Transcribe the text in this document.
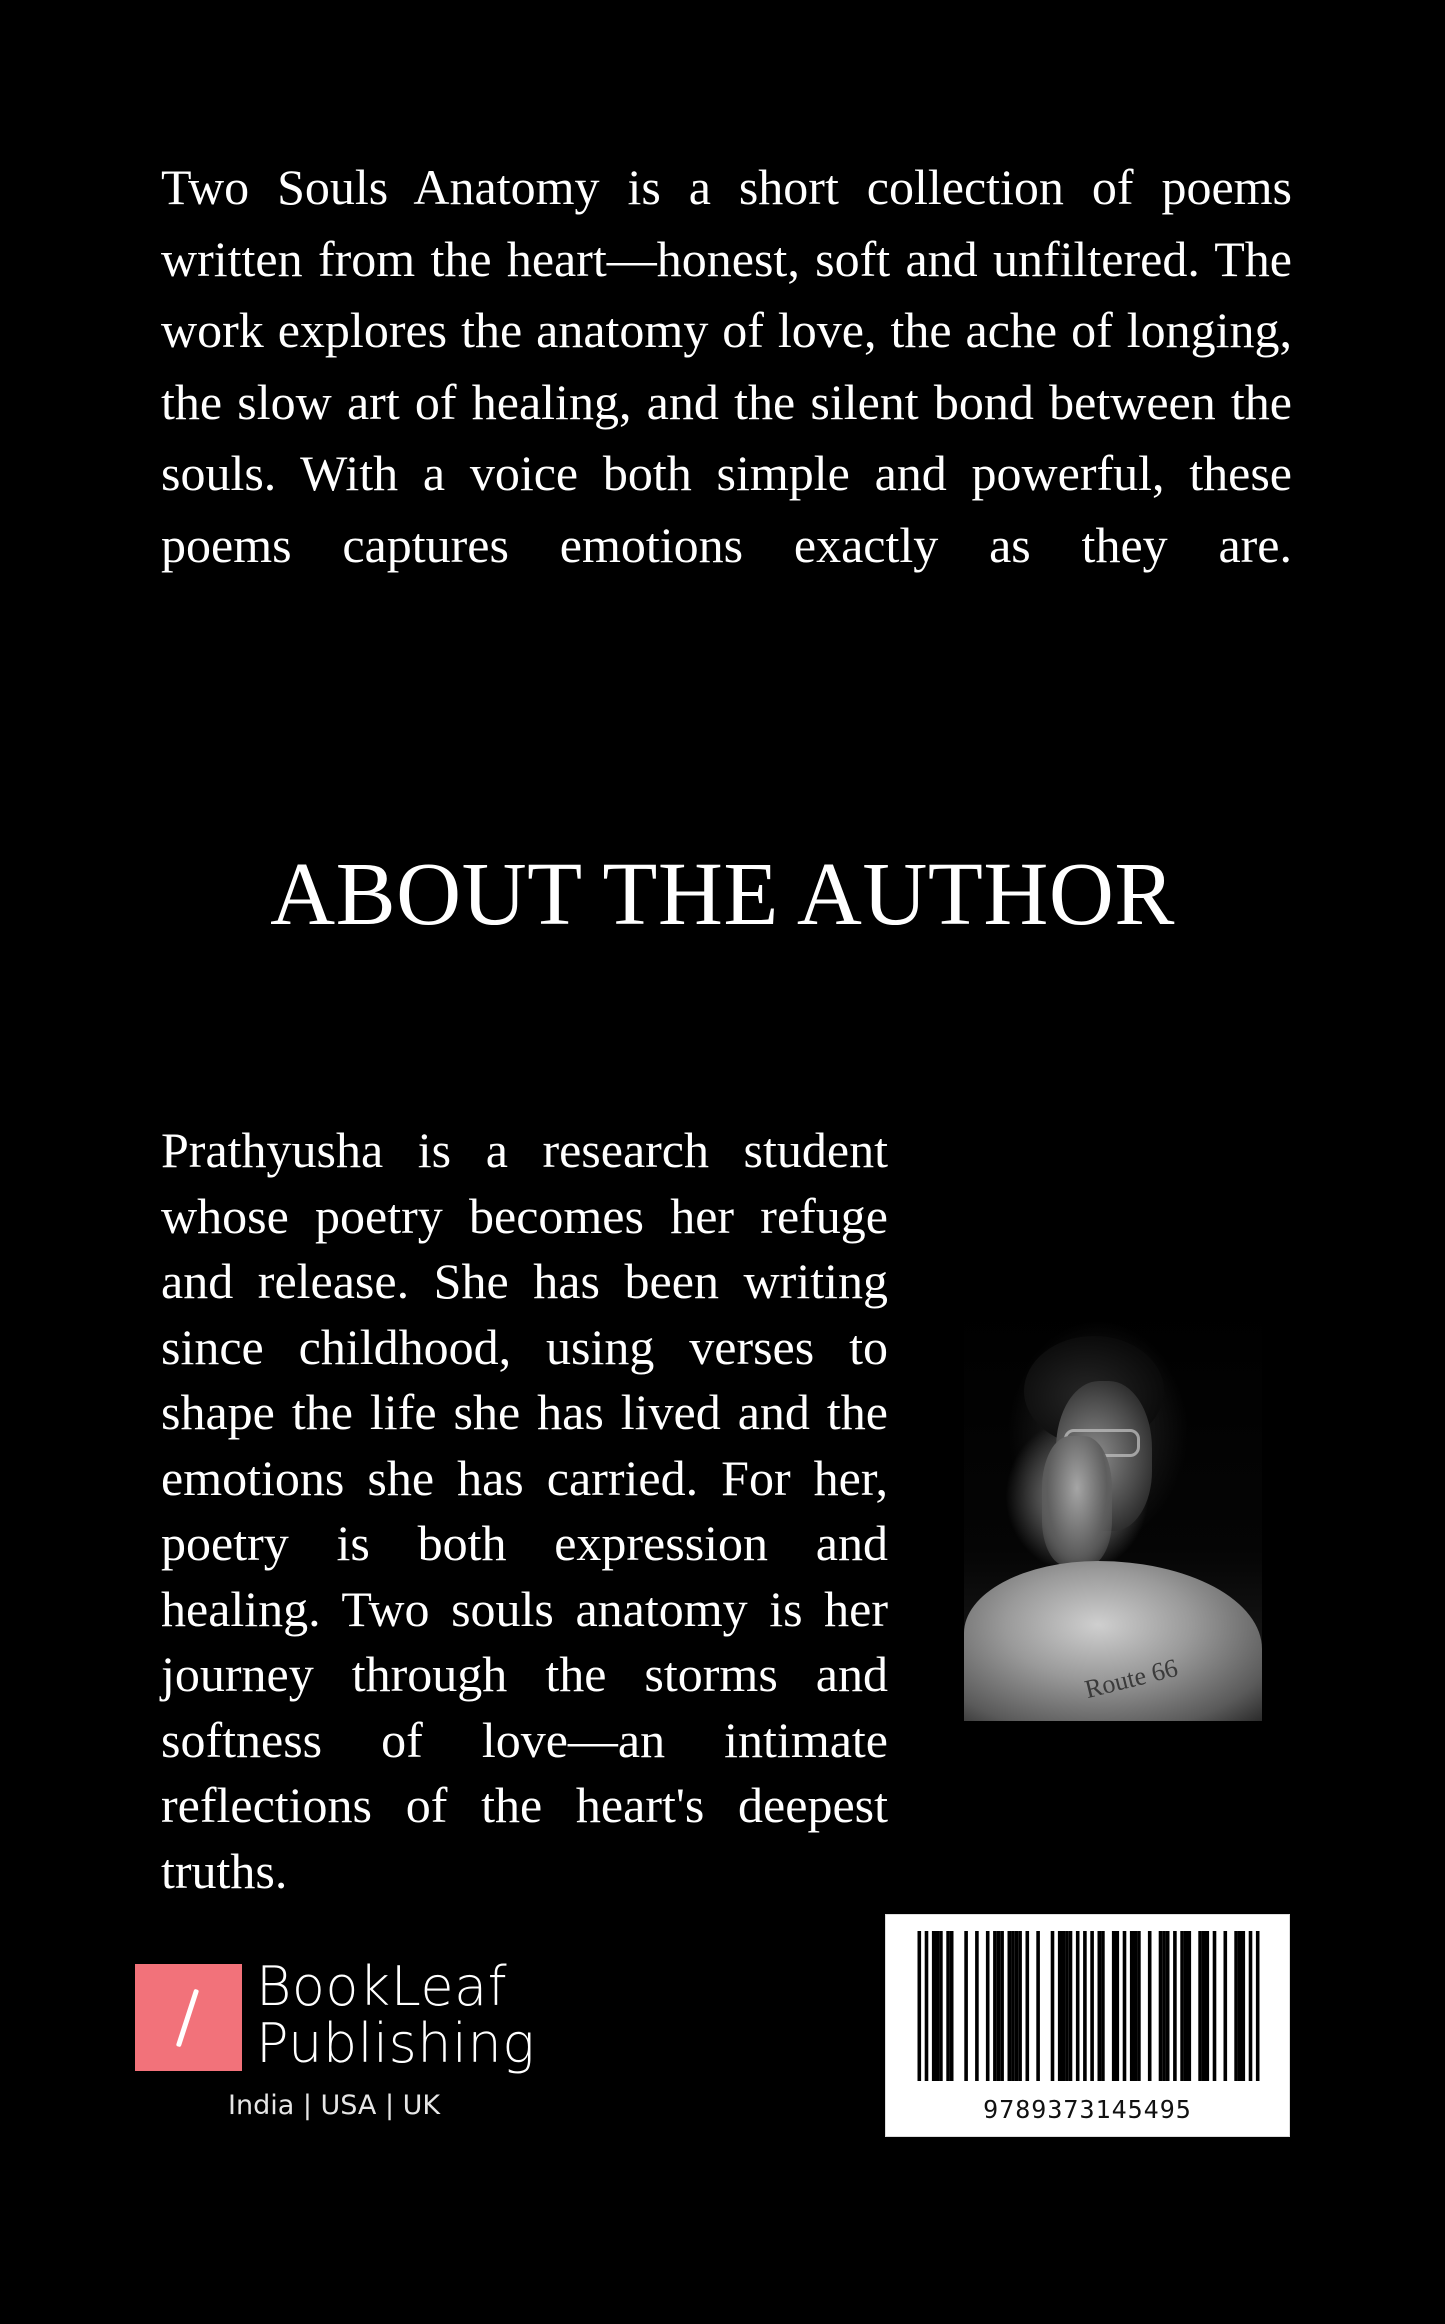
Two Souls Anatomy is a short collection of poems written from the heart—honest, soft and unfiltered. The work explores the anatomy of love, the ache of longing, the slow art of healing, and the silent bond between the souls. With a voice both simple and powerful, these poems captures emotions exactly as they are.

ABOUT THE AUTHOR

Prathyusha is a research student whose poetry becomes her refuge and release. She has been writing since childhood, using verses to shape the life she has lived and the emotions she has carried. For her, poetry is both expression and healing. Two souls anatomy is her journey through the storms and softness of love—an intimate reflections of the heart's deepest truths.

Route 66
BookLeaf
Publishing
India | USA | UK	9789373145495
